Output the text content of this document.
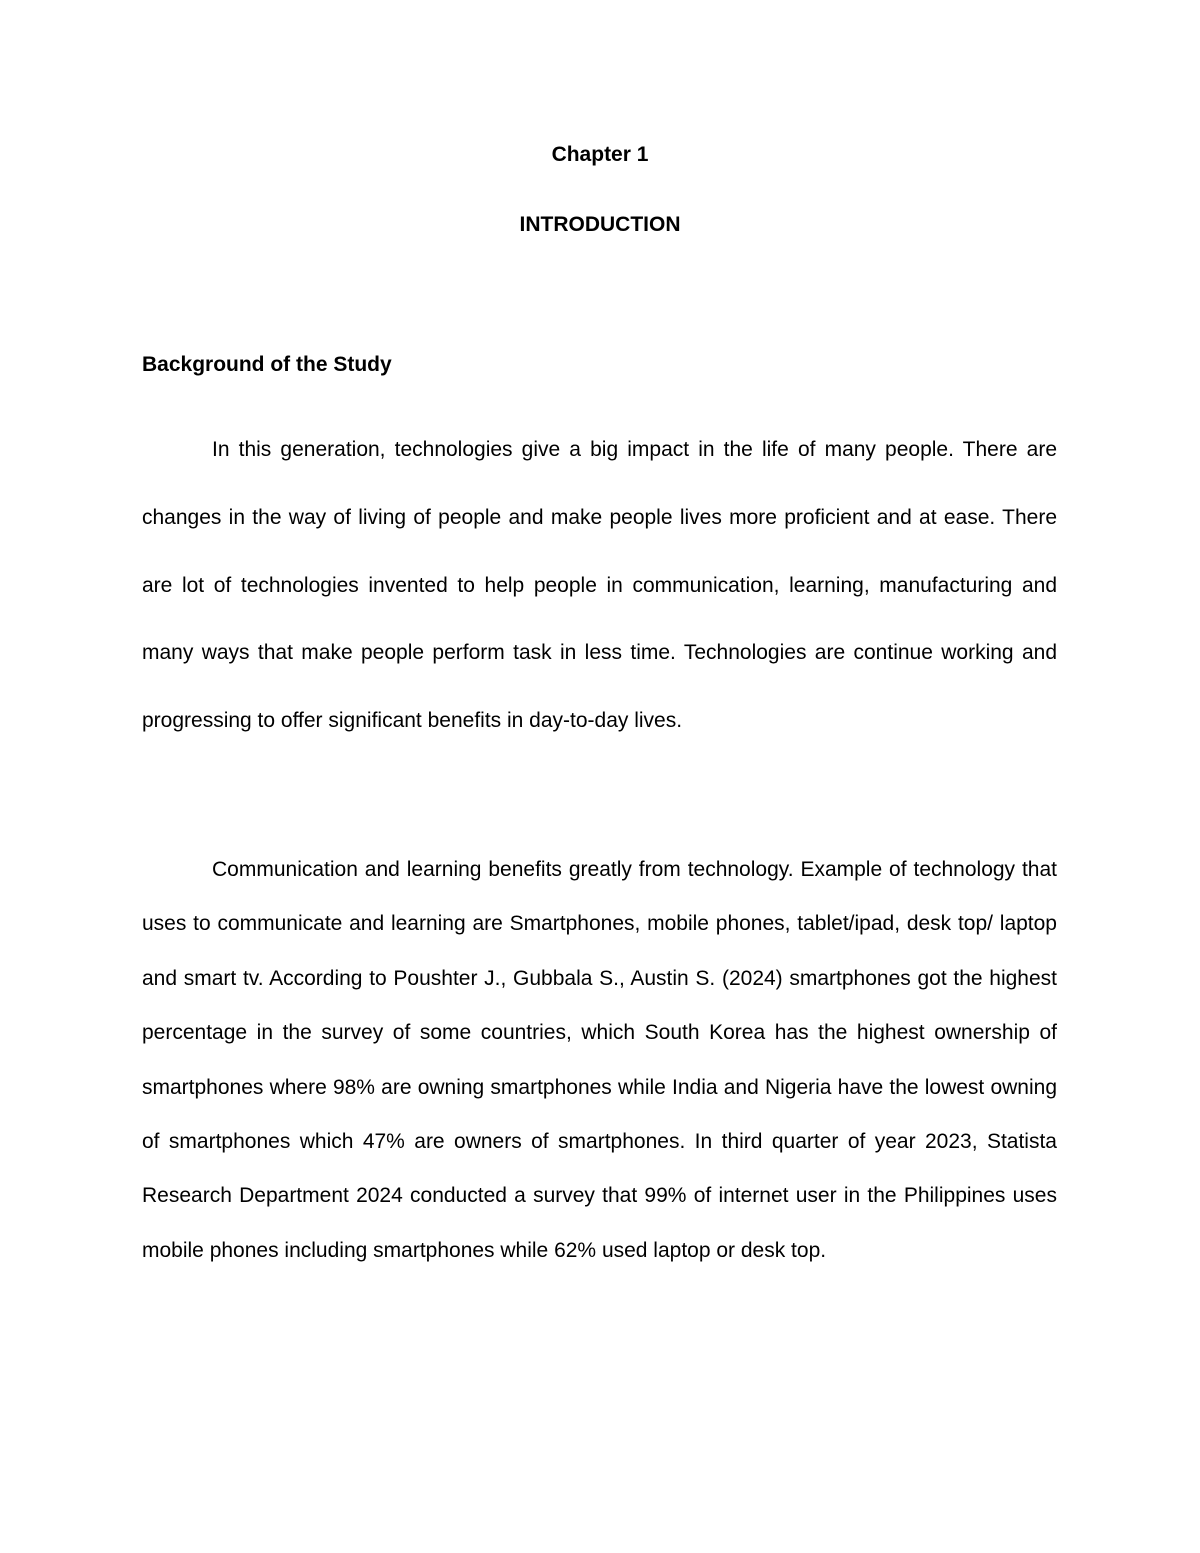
Chapter 1
INTRODUCTION
Background of the Study

In this generation, technologies give a big impact in the life of many people. There are changes in the way of living of people and make people lives more proficient and at ease. There are lot of technologies invented to help people in communication, learning, manufacturing and many ways that make people perform task in less time. Technologies are continue working and progressing to offer significant benefits in day-to-day lives.

Communication and learning benefits greatly from technology. Example of technology that uses to communicate and learning are Smartphones, mobile phones, tablet/ipad, desk top/ laptop and smart tv. According to Poushter J., Gubbala S., Austin S. (2024) smartphones got the highest percentage in the survey of some countries, which South Korea has the highest ownership of smartphones where 98% are owning smartphones while India and Nigeria have the lowest owning of smartphones which 47% are owners of smartphones. In third quarter of year 2023, Statista Research Department 2024 conducted a survey that 99% of internet user in the Philippines uses mobile phones including smartphones while 62% used laptop or desk top.
